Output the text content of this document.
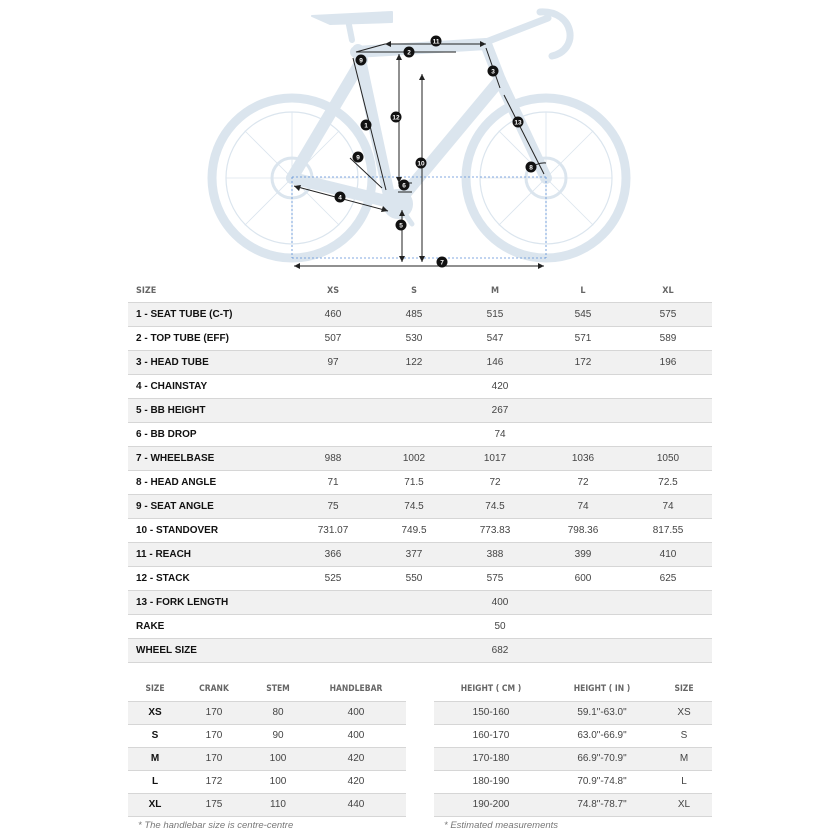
1
2
3
4
5
6
7
8
9
9
10
11
12
13
SIZE	XS	S	M	L	XL
1 - SEAT TUBE (C-T)	460	485	515	545	575
2 - TOP TUBE (EFF)	507	530	547	571	589
3 - HEAD TUBE	97	122	146	172	196
4 - CHAINSTAY	420
5 - BB HEIGHT	267
6 - BB DROP	74
7 - WHEELBASE	988	1002	1017	1036	1050
8 - HEAD ANGLE	71	71.5	72	72	72.5
9 - SEAT ANGLE	75	74.5	74.5	74	74
10 - STANDOVER	731.07	749.5	773.83	798.36	817.55
11 - REACH	366	377	388	399	410
12 - STACK	525	550	575	600	625
13 - FORK LENGTH	400
RAKE	50
WHEEL SIZE	682
SIZE	CRANK	STEM	HANDLEBAR
XS	170	80	400
S	170	90	400
M	170	100	420
L	172	100	420
XL	175	110	440
* The handlebar size is centre-centre
HEIGHT ( CM )	HEIGHT ( IN )	SIZE
150-160	59.1"-63.0"	XS
160-170	63.0"-66.9"	S
170-180	66.9"-70.9"	M
180-190	70.9"-74.8"	L
190-200	74.8"-78.7"	XL
* Estimated measurements
